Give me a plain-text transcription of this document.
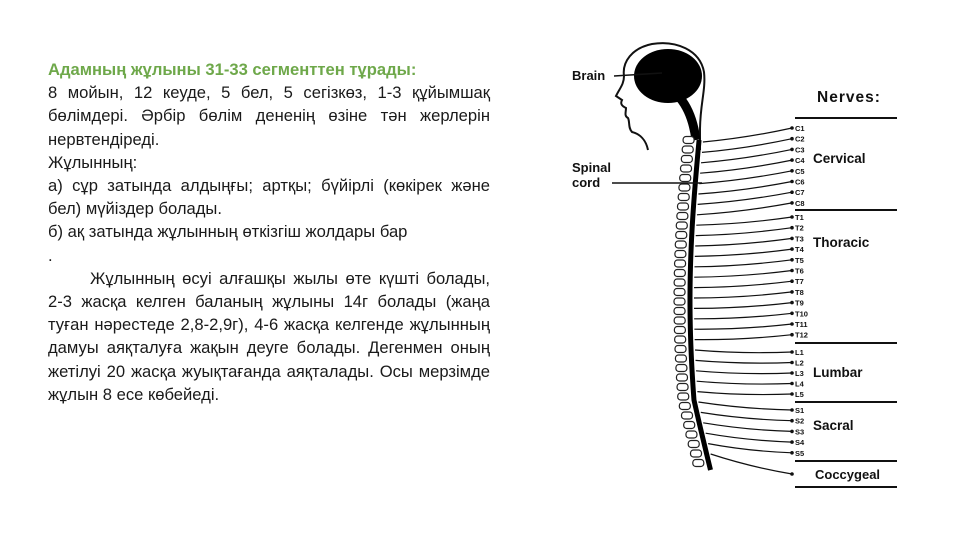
Адамның жұлыны 31-33 сегменттен тұрады:

8 мойын, 12 кеуде, 5 бел, 5 сегізкөз, 1-3 құйымшақ бөлімдері. Әрбір бөлім дененің өзіне тән жерлерін нервтендіреді.

Жұлынның:

а) сұр затында алдыңғы; артқы; бүйірлі (көкірек және бел) мүйіздер болады.

б) ақ затында жұлынның өткізгіш жолдары бар

.

Жұлынның өсуі алғашқы жылы өте күшті болады, 2-3 жасқа келген баланың жұлыны 14г болады (жаңа туған нәрестеде 2,8-2,9г), 4-6 жасқа келгенде жұлынның дамуы аяқталуға жақын деуге болады. Дегенмен оның жетілуі 20 жасқа жуықтағанда аяқталады. Осы мерзімде жұлын 8 есе көбейеді.

Cervical
C1
C2
C3
C4
C5
C6
C7
C8
Thoracic
T1
T2
T3
T4
T5
T6
T7
T8
T9
T10
T11
T12
Lumbar
L1
L2
L3
L4
L5
Sacral
S1
S2
S3
S4
S5
Coccygeal
Brain
Spinal
cord
Nerves:
